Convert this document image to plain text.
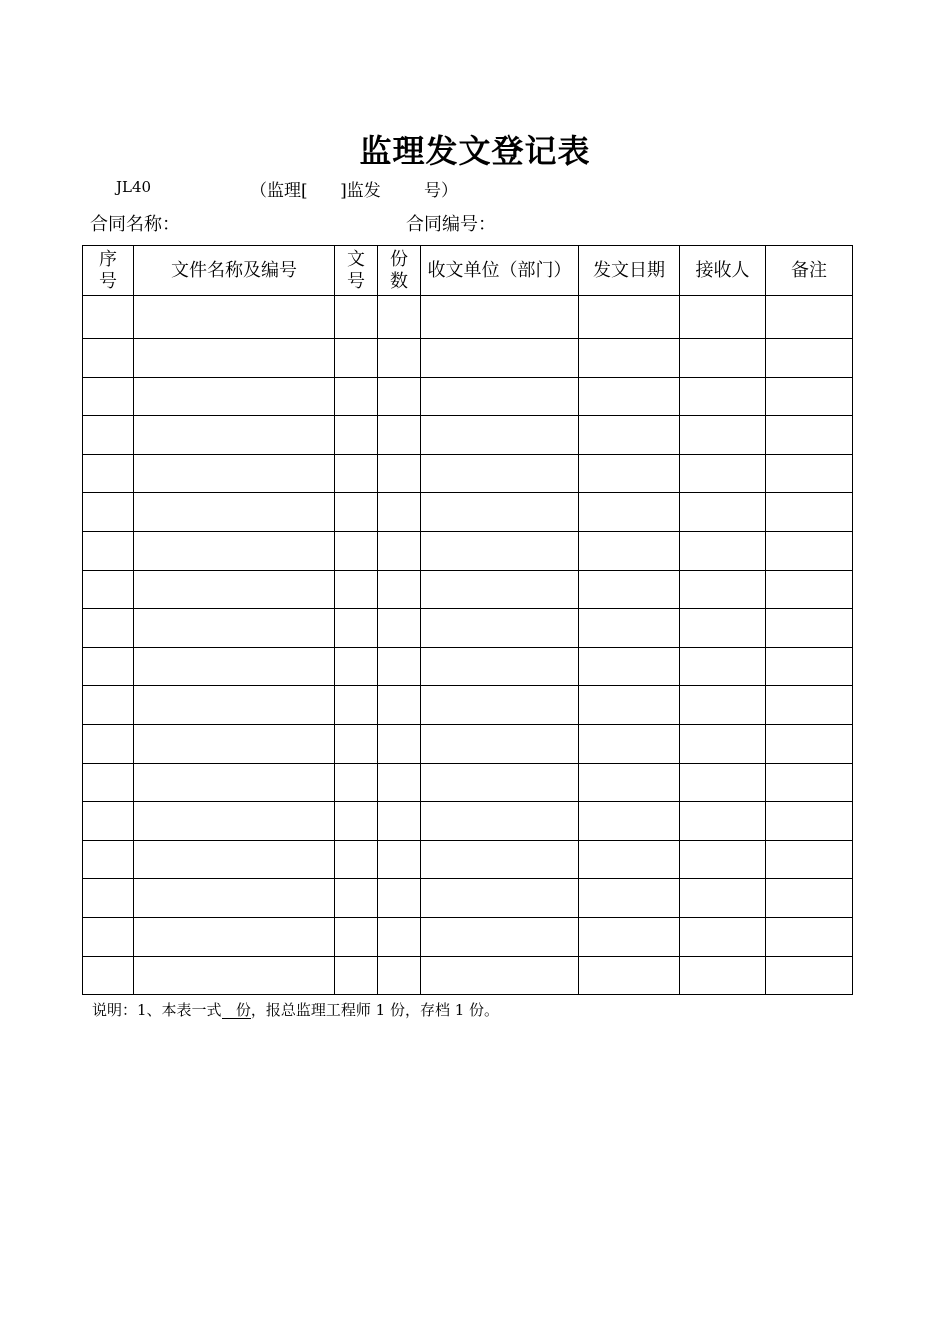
监理发文登记表
JL40	（监理[ ]监发	号）
合同名称：	合同编号：
序号	文件名称及编号	文号	份数	收文单位（部门）	发文日期	接收人	备注

说明：1、本表一式 份，报总监理工程师 1 份，存档 1 份。
